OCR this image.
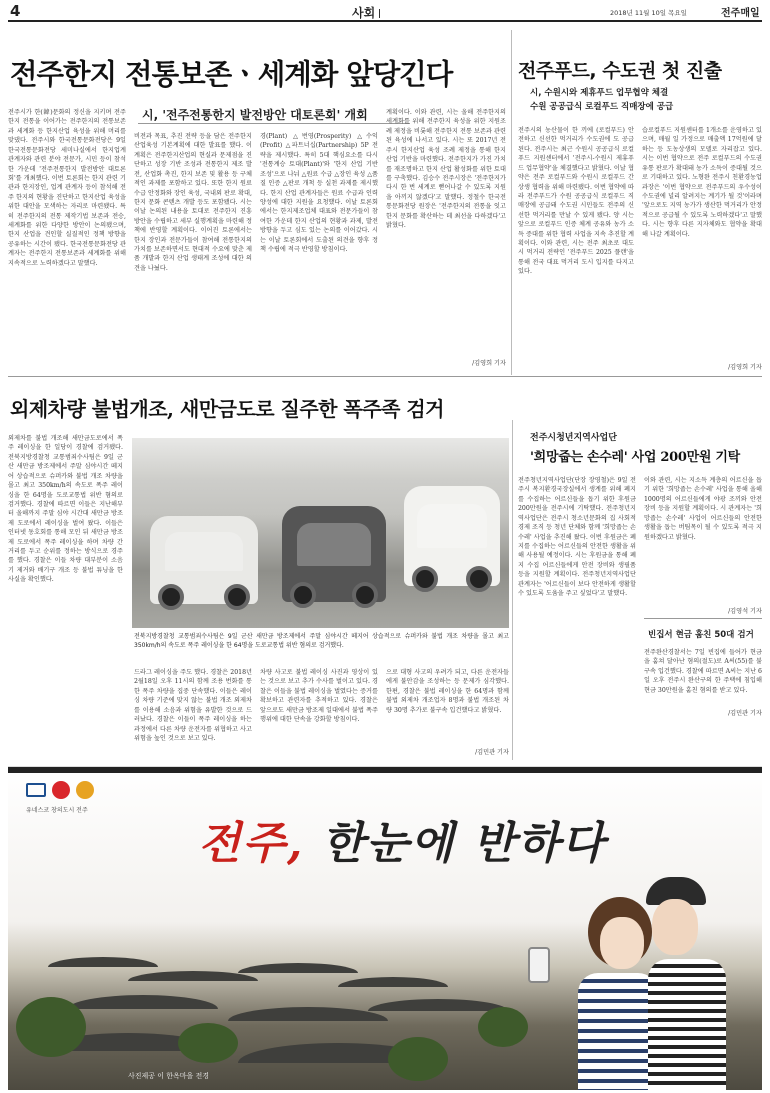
4	사회	2018년 11월 10일 목요일	전주매일
전주한지 전통보존ㆍ세계화 앞당긴다
시, '전주전통한지 발전방안 대토론회' 개회
전주시가 한(韓)문화의 정신을 지키며 전주한지 전통을 이어가는 전주한지의 전통보존과 세계화 등 한지산업 육성을 위해 머리를 맞댔다. 전주시와 한국전통문화전당은 9일 한국전통문화전당 세미나실에서 한지업계 관계자와 관련 분야 전문가, 시민 등이 참석한 가운데 '전주전통한지 발전방안 대토론회'를 개최했다. 이번 토론회는 한지 관련 기관과 한지장인, 업계 관계자 등이 참석해 전주 한지의 현황을 진단하고 한지산업 육성을 위한 대안을 모색하는 자리로 마련됐다. 특히 전주한지의 전통 제작기법 보존과 전승, 세계화를 위한 다양한 방안이 논의됐으며, 한지 산업을 견인할 실질적인 정책 방향을 공유하는 시간이 됐다. 한국전통문화전당 관계자는 전주한지 전통보존과 세계화를 위해 지속적으로 노력하겠다고 말했다.
비전과 목표, 추진 전략 등을 담은 전주한지산업육성 기본계획에 대한 발표를 했다. 이 계획은 전주한지산업의 현실과 문제점을 진단하고 성장 기반 조성과 전통한지 제조 발전, 산업화 촉진, 한지 보존 및 활용 등 구체적인 과제를 포함하고 있다. 또한 한지 원료 수급 안정화와 장인 육성, 국내외 판로 확대, 한지 문화 콘텐츠 개발 등도 포함됐다. 시는 이날 논의된 내용을 토대로 전주한지 진흥 방안을 수립하고 세부 실행계획을 마련해 정책에 반영할 계획이다. 이어진 토론에서는 한지 장인과 전문가들이 참여해 전통한지의 가치를 보존하면서도 현대적 수요에 맞춘 제품 개발과 한지 산업 생태계 조성에 대한 의견을 나눴다.
경(Plant) △번영(Prosperity) △수익(Profit) △파트너십(Partnership) 5P 전략을 제시했다. 특히 5대 핵심요소를 다시 '전통계승 토대(Plant)'와 '한지 산업 기반 조성'으로 나눠 △원료 수급 △장인 육성 △품질 인증 △판로 개척 등 실천 과제를 제시했다. 한지 산업 관계자들은 원료 수급과 인력 양성에 대한 지원을 요청했다. 이날 토론회에서는 한지제조업체 대표와 전문가들이 참여한 가운데 한지 산업의 현황과 과제, 발전 방향을 두고 심도 있는 논의를 이어갔다. 시는 이날 토론회에서 도출된 의견을 향후 정책 수립에 적극 반영할 방침이다.
계획이다. 이와 관련, 시는 올해 전주한지의 세계화를 위해 전주한지 육성을 위한 지원조례 제정을 비롯해 전주한지 전통 보존과 관련된 육성에 나서고 있다. 시는 또 2017년 전주시 한지산업 육성 조례 제정을 통해 한지 산업 기반을 마련했다. 전주한지가 가진 가치를 재조명하고 한지 산업 활성화를 위한 토대를 구축했다. 김승수 전주시장은 '전주한지가 다시 한 번 세계로 뻗어나갈 수 있도록 지원을 아끼지 않겠다'고 말했다. 정철수 한국전통문화전당 원장은 '전주한지의 전통을 잇고 한지 문화를 확산하는 데 최선을 다하겠다'고 밝혔다.
/김영희 기자
전주푸드, 수도권 첫 진출
시, 수원시와 제휴푸드 업무협약 체결
수원 공공급식 로컬푸드 직매장에 공급
전주시의 농산물이 한 끼에 (로컬푸드) 안전하고 신선한 먹거리가 수도권에 도 공급된다. 전주시는 최근 수원시 공공급식 로컬푸드 지원센터에서 '전주시-수원시 제휴푸드 업무협약'을 체결했다고 밝혔다. 이날 협약은 전주 로컬푸드와 수원시 로컬푸드 간 상생 협력을 위해 마련됐다. 이번 협약에 따라 전주푸드가 수원 공공급식 로컬푸드 직매장에 공급돼 수도권 시민들도 전주의 신선한 먹거리를 만날 수 있게 됐다. 양 시는 앞으로 로컬푸드 인증 체계 공유와 농가 소득 증대를 위한 협력 사업을 지속 추진할 계획이다. 이와 관련, 시는 전주 최초로 대도시 먹거리 전략인 '전주푸드 2025 플랜'을 통해 전국 대표 먹거리 도시 입지를 다지고 있다.
습로컬푸드 지원센터를 1개소를 운영하고 있으며, 매월 일 가정으로 매출액 17억원에 달하는 등 도농상생의 모델로 자리잡고 있다. 시는 이번 협약으로 전주 로컬푸드의 수도권 유통 판로가 확대돼 농가 소득이 증대될 것으로 기대하고 있다. 노형완 전주시 친환경농업과장은 '이번 협약으로 전주푸드의 우수성이 수도권에 널리 알려지는 계기가 될 것'이라며 '앞으로도 지역 농가가 생산한 먹거리가 안정적으로 공급될 수 있도록 노력하겠다'고 말했다. 시는 향후 다른 지자체와도 협약을 확대해 나갈 계획이다.
/김영희 기자
외제차량 불법개조, 새만금도로 질주한 폭주족 검거
외제차를 불법 개조해 새만금도로에서 폭주 레이싱을 한 일당이 경찰에 검거됐다. 전북지방경찰청 교통범죄수사팀은 9일 군산 새만금 방조제에서 주말 심야시간 떼지어 상습적으로 슈퍼카와 불법 개조 차량을 몰고 최고 350km/h의 속도로 폭주 레이싱을 한 64명을 도로교통법 위반 혐의로 검거했다. 경찰에 따르면 이들은 지난해부터 올해까지 주말 심야 시간대 새만금 방조제 도로에서 레이싱을 벌여 왔다. 이들은 인터넷 동호회를 통해 모인 뒤 새만금 방조제 도로에서 폭주 레이싱을 하며 차량 간 거리를 두고 순위를 정하는 방식으로 경주를 했다. 경찰은 이들 차량 대부분이 소음기 제거와 배기구 개조 등 불법 튜닝을 한 사실을 확인했다.
전북지방경찰청 교통범죄수사팀은 9일 군산 새만금 방조제에서 주말 심야시간 떼지어 상습적으로 슈퍼카와 불법 개조 차량을 몰고 최고 350km/h의 속도로 폭주 레이싱을 한 64명을 도로교통법 위반 혐의로 검거했다.
드라그 레이싱을 주도 했다. 경찰은 2018년 2월18일 오후 11시의 함께 조용 번화를 통한 폭주 차량을 집중 단속했다. 이들은 레이싱 차량 기준에 맞지 않는 불법 개조 외제차를 이용해 소음과 위험을 유발한 것으로 드러났다. 경찰은 이들이 폭주 레이싱을 하는 과정에서 다른 차량 운전자를 위협하고 사고 위험을 높인 것으로 보고 있다.
차량 사고로 불법 레이싱 사진과 영상이 있는 것으로 보고 추가 수사를 벌이고 있다. 경찰은 이들을 불법 레이싱을 벌였다는 증거를 확보하고 관련자를 추적하고 있다. 경찰은 앞으로도 새만금 방조제 일대에서 불법 폭주 행위에 대한 단속을 강화할 방침이다.
으로 대형 사고의 우려가 되고, 다른 운전자들에게 불안감을 조성하는 등 문제가 심각했다. 한편, 경찰은 불법 레이싱을 한 64명과 함께 불법 외제차 개조업자 8명과 불법 개조된 차량 30명 추가로 불구속 입건했다고 밝혔다.
/김민관 기자
전주시청년지역사업단
'희망줍는 손수레' 사업 200만원 기탁
전주청년지역사업단(단장 장영철)은 9일 전주시 복지환경국장실에서 생계를 위해 폐지를 수집하는 어르신들을 돕기 위한 후원금 200만원을 전주시에 기탁했다. 전주청년지역사업단은 전주시 청소년문화의 집 사회적경제 조직 등 청년 단체와 함께 '희망줍는 손수레' 사업을 추진해 왔다. 이번 후원금은 폐지를 수집하는 어르신들의 안전한 생활을 위해 사용될 예정이다. 시는 후원금을 통해 폐지 수집 어르신들에게 안전 장비와 생필품 등을 지원할 계획이다. 전주청년지역사업단 관계자는 '어르신들이 보다 안전하게 생활할 수 있도록 도움을 주고 싶었다'고 말했다.
이와 관련, 시는 지소득 계층의 어르신을 돕기 위한 '희망줍는 손수레' 사업을 통해 올해 1000명의 어르신들에게 야광 조끼와 안전 장비 등을 지원할 계획이다. 시 관계자는 '희망줍는 손수레' 사업이 어르신들의 안전한 생활을 돕는 버팀목이 될 수 있도록 적극 지원하겠다고 밝혔다.
/김영석 기자
빈집서 현금 훔친 50대 검거
전주완산경찰서는 7일 빈집에 들어가 현금을 훔쳐 달아난 혐의(절도)로 A씨(55)를 불구속 입건했다. 경찰에 따르면 A씨는 지난 6일 오후 전주시 완산구의 한 주택에 침입해 현금 30만원을 훔친 혐의를 받고 있다.
/김민관 기자
유네스코 창의도시 전주
전주, 한눈에 반하다
사진제공 이 한옥마을 전경
